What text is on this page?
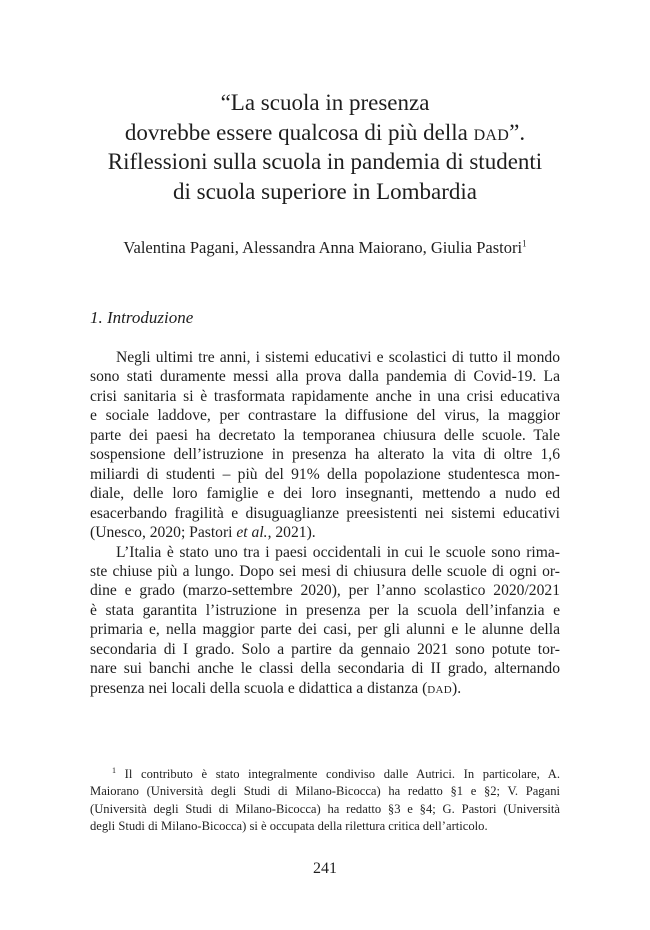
“La scuola in presenza
dovrebbe essere qualcosa di più della dad”.
Riflessioni sulla scuola in pandemia di studenti
di scuola superiore in Lombardia
Valentina Pagani, Alessandra Anna Maiorano, Giulia Pastori$^1$
1. Introduzione

Negli ultimi tre anni, i sistemi educativi e scolastici di tutto il mondo
sono stati duramente messi alla prova dalla pandemia di Covid-19. La
crisi sanitaria si è trasformata rapidamente anche in una crisi educativa
e sociale laddove, per contrastare la diffusione del virus, la maggior
parte dei paesi ha decretato la temporanea chiusura delle scuole. Tale
sospensione dell’istruzione in presenza ha alterato la vita di oltre 1,6
miliardi di studenti – più del 91% della popolazione studentesca mon-
diale, delle loro famiglie e dei loro insegnanti, mettendo a nudo ed
esacerbando fragilità e disuguaglianze preesistenti nei sistemi educativi
(Unesco, 2020; Pastori et al., 2021).

L’Italia è stato uno tra i paesi occidentali in cui le scuole sono rima-
ste chiuse più a lungo. Dopo sei mesi di chiusura delle scuole di ogni or-
dine e grado (marzo-settembre 2020), per l’anno scolastico 2020/2021
è stata garantita l’istruzione in presenza per la scuola dell’infanzia e
primaria e, nella maggior parte dei casi, per gli alunni e le alunne della
secondaria di I grado. Solo a partire da gennaio 2021 sono potute tor-
nare sui banchi anche le classi della secondaria di II grado, alternando
presenza nei locali della scuola e didattica a distanza (dad).

$^1$ Il contributo è stato integralmente condiviso dalle Autrici. In particolare, A.
Maiorano (Università degli Studi di Milano-Bicocca) ha redatto §1 e §2; V. Pagani
(Università degli Studi di Milano-Bicocca) ha redatto §3 e §4; G. Pastori (Università
degli Studi di Milano-Bicocca) si è occupata della rilettura critica dell’articolo.
241
